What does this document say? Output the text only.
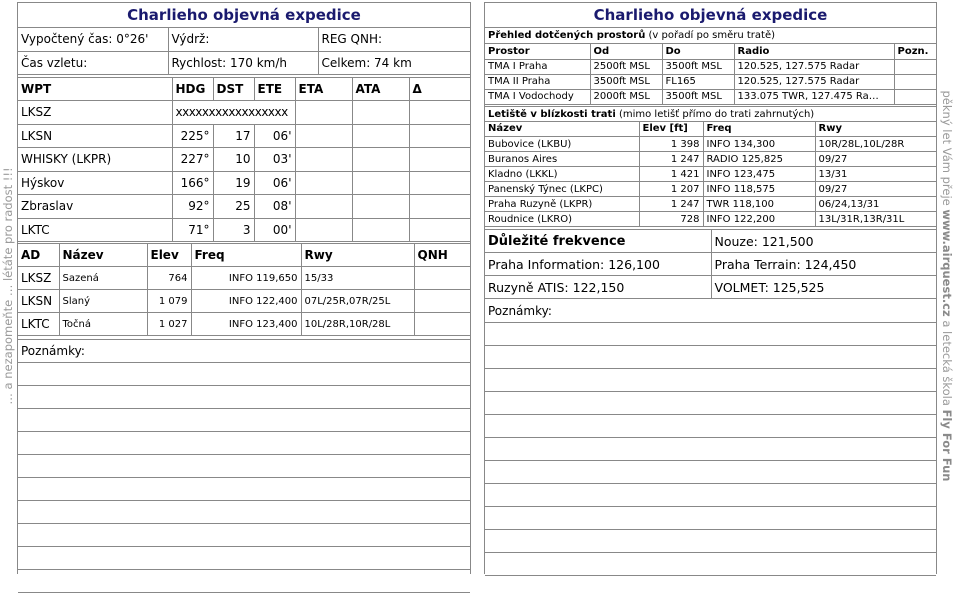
… a nezapomeňte … létáte pro radost !!!
Charlieho objevná expedice
Vypočtený čas: 0°26'	Výdrž:	REG QNH:
Čas vzletu:	Rychlost: 170 km/h	Celkem: 74 km
WPT	HDG	DST	ETE	ETA	ATA	Δ
LKSZ	xxxxxxxxxxxxxxxxx					
LKSN	225°	17	06'			
WHISKY (LKPR)	227°	10	03'			
Hýskov	166°	19	06'			
Zbraslav	92°	25	08'			
LKTC	71°	3	00'			
AD	Název	Elev	Freq	Rwy	QNH
LKSZ	Sazená	764	INFO 119,650	15/33	
LKSN	Slaný	1 079	INFO 122,400	07L/25R,07R/25L	
LKTC	Točná	1 027	INFO 123,400	10L/28R,10R/28L	
Poznámky:
Charlieho objevná expedice
Přehled dotčených prostorů (v pořadí po směru tratě)
Prostor	Od	Do	Radio	Pozn.
TMA I Praha	2500ft MSL	3500ft MSL	120.525, 127.575 Radar	
TMA II Praha	3500ft MSL	FL165	120.525, 127.575 Radar	
TMA I Vodochody	2000ft MSL	3500ft MSL	133.075 TWR, 127.475 Ra…	
Letiště v blízkosti trati (mimo letišť přímo do trati zahrnutých)
Název	Elev [ft]	Freq	Rwy
Bubovice (LKBU)	1 398	INFO 134,300	10R/28L,10L/28R
Buranos Aires	1 247	RADIO 125,825	09/27
Kladno (LKKL)	1 421	INFO 123,475	13/31
Panenský Týnec (LKPC)	1 207	INFO 118,575	09/27
Praha Ruzyně (LKPR)	1 247	TWR 118,100	06/24,13/31
Roudnice (LKRO)	728	INFO 122,200	13L/31R,13R/31L
Důležité frekvence	Nouze: 121,500
Praha Information: 126,100	Praha Terrain: 124,450
Ruzyně ATIS: 122,150	VOLMET: 125,525
Poznámky:
pěkný let Vám přeje www.airquest.cz a letecká škola Fly For Fun
